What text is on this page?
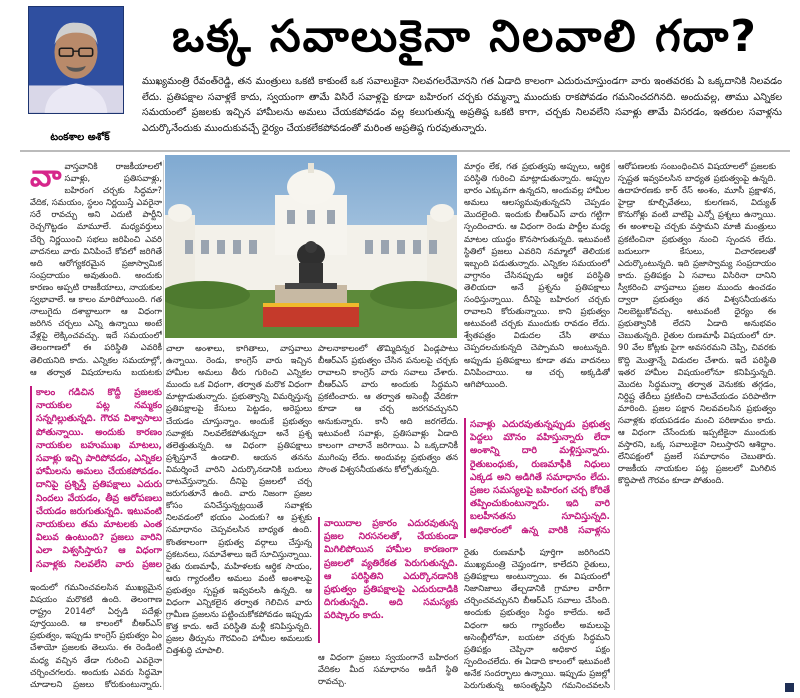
టంకశాల అశోక్
ఒక్క సవాలుకైనా నిలవాలి గదా?
ముఖ్యమంత్రి రేవంత్‌రెడ్డి, తన మంత్రులు ఒకటి కాకుంటే ఒక సవాలుకైనా నిలవగలరేమోనని గత ఏడాది కాలంగా ఎదురుచూస్తుండగా వారు ఇంతవరకు ఏ ఒక్కదానికి నిలవడం లేదు. ప్రతిపక్షాల సవాళ్లకే కాదు, స్వయంగా తామే విసిరే సవాళ్లపై కూడా బహిరంగ చర్చకు రమ్మన్నా ముందుకు రాకపోవడం గమనించదగినది. అందువల్ల, తాము ఎన్నికల సమయంలో ప్రజలకు ఇచ్చిన హామీలను అమలు చేయకపోవడం వల్ల కలుగుతున్న అప్రతిష్ఠ ఒకటి కాగా, చర్చకు నిలవలేని సవాళ్లు తామే విసరడం, ఇతరుల సవాళ్లను ఎదుర్కొనేందుకు ముందుకువచ్చే ధైర్యం చేయకలేకపోవడంతో మరింత అప్రతిష్ఠ గురవుతున్నారు.
వావాస్తవానికి రాజకీయాలలో సవాళ్లు, ప్రతిసవాళ్లు, బహిరంగ చర్చకు సిద్ధమా? వేదిక, సమయం, స్థలం నిర్ణయిస్తే ఎవరైనా సరే రావచ్చు అని ఎదుటి పార్టీని రెచ్చగొట్టడం మామూలే. మధ్యవర్తులు చేర్చి నిర్ణయించి సభలు జరిపించి ఎవరి వాదనలు వారు వినిపించే కోవలో జరిగితే అది ఆరోగ్యకరమైన ప్రజాస్వామిక సంప్రదాయం అవుతుంది. అందుకు కారణం అప్పటి రాజకీయాలు, నాయకుల స్వభావాలే. ఆ కాలం మారిపోయింది. గత నాలుగైదు దశాబ్దాలుగా ఆ విధంగా జరిగిన చర్చలు ఎన్ని ఉన్నాయి అంటే వేళ్లపై లెక్కించవచ్చు. ఇదే సమయంలో తెలంగాణలో ఈ పరిస్థితి ఎవరికీ తెలియనిది కాదు. ఎన్నికల సమయాల్లో, ఆ తర్వాత విషయాలను బయటకు
కాలం గడిచిన కొద్దీ ప్రజలకు నాయకుల పట్ల నమ్మకం సన్నగిల్లుతున్నది. గౌరవ విశ్వాసాలు పోతున్నాయి. అందుకు కారణం నాయకుల బహుముఖ మాటలు, సవాళ్లు ఇచ్చి పారిపోవడం, ఎన్నికల హామీలను అమలు చేయకపోవడం. దానిపై ప్రశ్నిస్తే ప్రతిపక్షాలు ఎదురు నిందలు వేయడం, తీవ్ర ఆరోపణలు చేయడం జరుగుతున్నది. ఇటువంటి నాయకులు తమ మాటలకు ఎంత విలువ ఉంటుంది? ప్రజలు వారిని ఎలా విశ్వసిస్తారు? ఆ విధంగా సవాళ్లకు నిలవలేని వారు ప్రజల
ఇందులో గమనించవలసిన ముఖ్యమైన విషయం మరొకటి ఉంది. తెలంగాణ రాష్ట్రం 2014లో ఏర్పడి పదేళ్లు పూర్తయింది. ఆ కాలంలో బీఆర్ఎస్ ప్రభుత్వం, ఇప్పుడు కాంగ్రెస్ ప్రభుత్వం ఏం చేశాయో ప్రజలకు తెలుసు. ఈ రెండింటి మధ్య వచ్చిన తేడా గురించి ఎవరైనా చర్చించగలరు. అందుకు ఎవరు సిద్ధమో చూడాలని ప్రజలు కోరుకుంటున్నారు.
చాలా అంశాలు, కాగితాలు, వాస్తవాలు ఉన్నాయి. రెండు, కాంగ్రెస్ వారు ఇచ్చిన హామీల అమలు తీరు గురించి ఎన్నికల ముందు ఒక విధంగా, తర్వాత మరొక విధంగా మాట్లాడుతున్నారు. ప్రభుత్వాన్ని విమర్శిస్తున్న ప్రతిపక్షాలపై కేసులు పెట్టడం, అరెస్టులు చేయడం చూస్తున్నాం. అందుకే ప్రభుత్వం సవాళ్లకు నిలవలేకపోతున్నదా అనే ప్రశ్న తలెత్తుతున్నది. ఆ విధంగా ప్రతిపక్షాలు ప్రశ్నిస్తూనే ఉండాలి. ఆయన తనను విమర్శించే వారిని ఎదుర్కొనడానికి బదులు దాటవేస్తున్నారు. దీనిపై ప్రజలలో చర్చ జరుగుతూనే ఉంది. వారు నిజంగా ప్రజల కోసం పనిచేస్తున్నట్లయితే సవాళ్లకు నిలవడంలో భయం ఎందుకు? ఆ ప్రశ్నకు సమాధానం చెప్పవలసిన బాధ్యత ఉంది. కొంతకాలంగా ప్రభుత్వ వర్గాలు చేస్తున్న ప్రకటనలు, సమావేశాలు ఇదే సూచిస్తున్నాయి. రైతు రుణమాఫీ, మహిళలకు ఆర్థిక సాయం, ఆరు గ్యారంటీల అమలు వంటి అంశాలపై ప్రభుత్వం స్పష్టత ఇవ్వవలసి ఉన్నది. ఆ విధంగా ఎన్నికలైన తర్వాత గెలిచిన వారు గ్రామీణ ప్రజలను పట్టించుకోకపోవడం ఇప్పుడు కొత్త కాదు. అదే పరిస్థితి మళ్లీ కనిపిస్తున్నది. ప్రజల తీర్పును గౌరవించి హామీల అమలుకు చిత్తశుద్ధి చూపాలి.
పాలనాకాలంలో తొమ్మిదిన్నర ఏండ్లపాటు బీఆర్ఎస్ ప్రభుత్వం చేసిన పనులపై చర్చకు రావాలని కాంగ్రెస్ వారు సవాలు చేశారు. బీఆర్ఎస్ వారు అందుకు సిద్ధమని ప్రకటించారు. ఆ తర్వాత అసెంబ్లీ వేదికగా కూడా ఆ చర్చ జరగవచ్చునని అనుకున్నారు. కానీ అది జరగలేదు. ఇటువంటి సవాళ్లు, ప్రతిసవాళ్లు ఏడాది కాలంగా చాలానే జరిగాయి. ఏ ఒక్కదానికీ ముగింపు లేదు. అందువల్ల ప్రభుత్వం తన సొంత విశ్వసనీయతను కోల్పోతున్నది.
వాయిదాల ప్రకారం ఎదురవుతున్న ప్రజల నిరసనలతో, చేయకుండా మిగిలిపోయిన హామీల కారణంగా ప్రజలలో వ్యతిరేకత పెరుగుతున్నది. ఆ పరిస్థితిని ఎదుర్కొనడానికి ప్రభుత్వం ప్రతిపక్షాలపై ఎదురుదాడికి దిగుతున్నది. అది సమస్యకు పరిష్కారం కాదు.
ఆ విధంగా ప్రజలు స్వయంగానే బహిరంగ వేదికల మీద సమాధానం అడిగే స్థితి రావచ్చు.
మార్గం లేక, గత ప్రభుత్వపు అప్పులు, ఆర్థిక పరిస్థితి గురించి మాట్లాడుతున్నారు. అప్పుల భారం ఎక్కువగా ఉన్నదని, అందువల్ల హామీల అమలు ఆలస్యమవుతున్నదని చెప్పడం మొదలైంది. ఇందుకు బీఆర్ఎస్ వారు గట్టిగా స్పందించారు. ఆ విధంగా రెండు పార్టీల మధ్య మాటల యుద్ధం కొనసాగుతున్నది. ఇటువంటి స్థితిలో ప్రజలు ఎవరిని నమ్మాలో తెలియక ఇబ్బంది పడుతున్నారు. ఎన్నికల సమయంలో వాగ్దానం చేసినప్పుడు ఆర్థిక పరిస్థితి తెలియదా అనే ప్రశ్నను ప్రతిపక్షాలు సంధిస్తున్నాయి. దీనిపై బహిరంగ చర్చకు రావాలని కోరుతున్నాయి. కాని ప్రభుత్వం అటువంటి చర్చకు ముందుకు రావడం లేదు. శ్వేతపత్రం విడుదల చేసి తాము చెప్పదలచుకున్నది చెప్పామని అంటున్నది. అప్పుడు ప్రతిపక్షాలు కూడా తమ వాదనలు వినిపించాయి. ఆ చర్చ అక్కడితో ఆగిపోయింది.
సవాళ్లు ఎదురవుతున్నప్పుడు ప్రభుత్వ పెద్దలు మౌనం వహిస్తున్నారు లేదా అంశాన్ని దారి మళ్లిస్తున్నారు. రైతుబంధుకు, రుణమాఫీకి నిధులు ఎక్కడ అని అడిగితే సమాధానం లేదు. ప్రజల సమస్యలపై బహిరంగ చర్చ కోరితే తప్పించుకుంటున్నారు. ఇది వారి బలహీనతను సూచిస్తున్నది. అధికారంలో ఉన్న వారికి సవాళ్లను
రైతు రుణమాఫీ పూర్తిగా జరిగిందని ముఖ్యమంత్రి చెప్తుండగా, కాలేదని రైతులు, ప్రతిపక్షాలు అంటున్నాయి. ఈ విషయంలో నిజానిజాలు తేల్చడానికి గ్రామాల వారీగా చర్చించవచ్చునని బీఆర్ఎస్ సవాలు చేసింది. అందుకు ప్రభుత్వం సిద్ధం కాలేదు. అదే విధంగా ఆరు గ్యారంటీల అమలుపై అసెంబ్లీలోనూ, బయటా చర్చకు సిద్ధమని ప్రతిపక్షం చెప్పినా అధికార పక్షం స్పందించలేదు. ఈ ఏడాది కాలంలో ఇటువంటి అనేక సందర్భాలు ఉన్నాయి. ఇప్పుడు ప్రజల్లో పెరుగుతున్న అసంతృప్తిని గమనించవలసి
ఆరోపణలకు సంబంధించిన విషయాలలో ప్రజలకు స్పష్టత ఇవ్వవలసిన బాధ్యత ప్రభుత్వంపై ఉన్నది. ఉదాహరణకు కార్ రేస్ అంశం, మూసీ ప్రక్షాళన, హైడ్రా కూల్చివేతలు, కులగణన, విద్యుత్ కొనుగోళ్లు వంటి వాటిపై ఎన్నో ప్రశ్నలు ఉన్నాయి. ఈ అంశాలపై చర్చకు వస్తామని మాజీ మంత్రులు ప్రకటించినా ప్రభుత్వం నుంచి స్పందన లేదు. బదులుగా కేసులు, విచారణలతో ఎదుర్కొంటున్నది. ఇది ప్రజాస్వామ్య సంప్రదాయం కాదు. ప్రతిపక్షం ఏ సవాలు విసిరినా దానిని స్వీకరించి వాస్తవాలు ప్రజల ముందు ఉంచడం ద్వారా ప్రభుత్వం తన విశ్వసనీయతను నిలబెట్టుకోవచ్చు. అటువంటి ధైర్యం ఈ ప్రభుత్వానికి లేదని ఏడాది అనుభవం చెబుతున్నది. రైతుల రుణమాఫీ విషయంలో రూ. 90 వేల కోట్లకు పైగా అవసరమని చెప్పి, చివరకు కొద్ది మొత్తాన్నే విడుదల చేశారు. ఇదే పరిస్థితి ఇతర హామీల విషయంలోనూ కనిపిస్తున్నది. మొదట సిద్ధమన్నా తర్వాత వెనుకకు తగ్గడం, నిర్దిష్ట తేదీలు ప్రకటించి దాటవేయడం పరిపాటిగా మారింది. ప్రజల పక్షాన నిలవవలసిన ప్రభుత్వం సవాళ్లకు భయపడడం మంచి పరిణామం కాదు. ఆ విధంగా చేసేందుకు ఇప్పటికైనా ముందుకు వస్తారని, ఒక్క సవాలుకైనా నిలుస్తారని ఆశిద్దాం. లేనిపక్షంలో ప్రజలే సమాధానం చెబుతారు. రాజకీయ నాయకుల పట్ల ప్రజలలో మిగిలిన కొద్దిపాటి గౌరవం కూడా పోతుంది.
